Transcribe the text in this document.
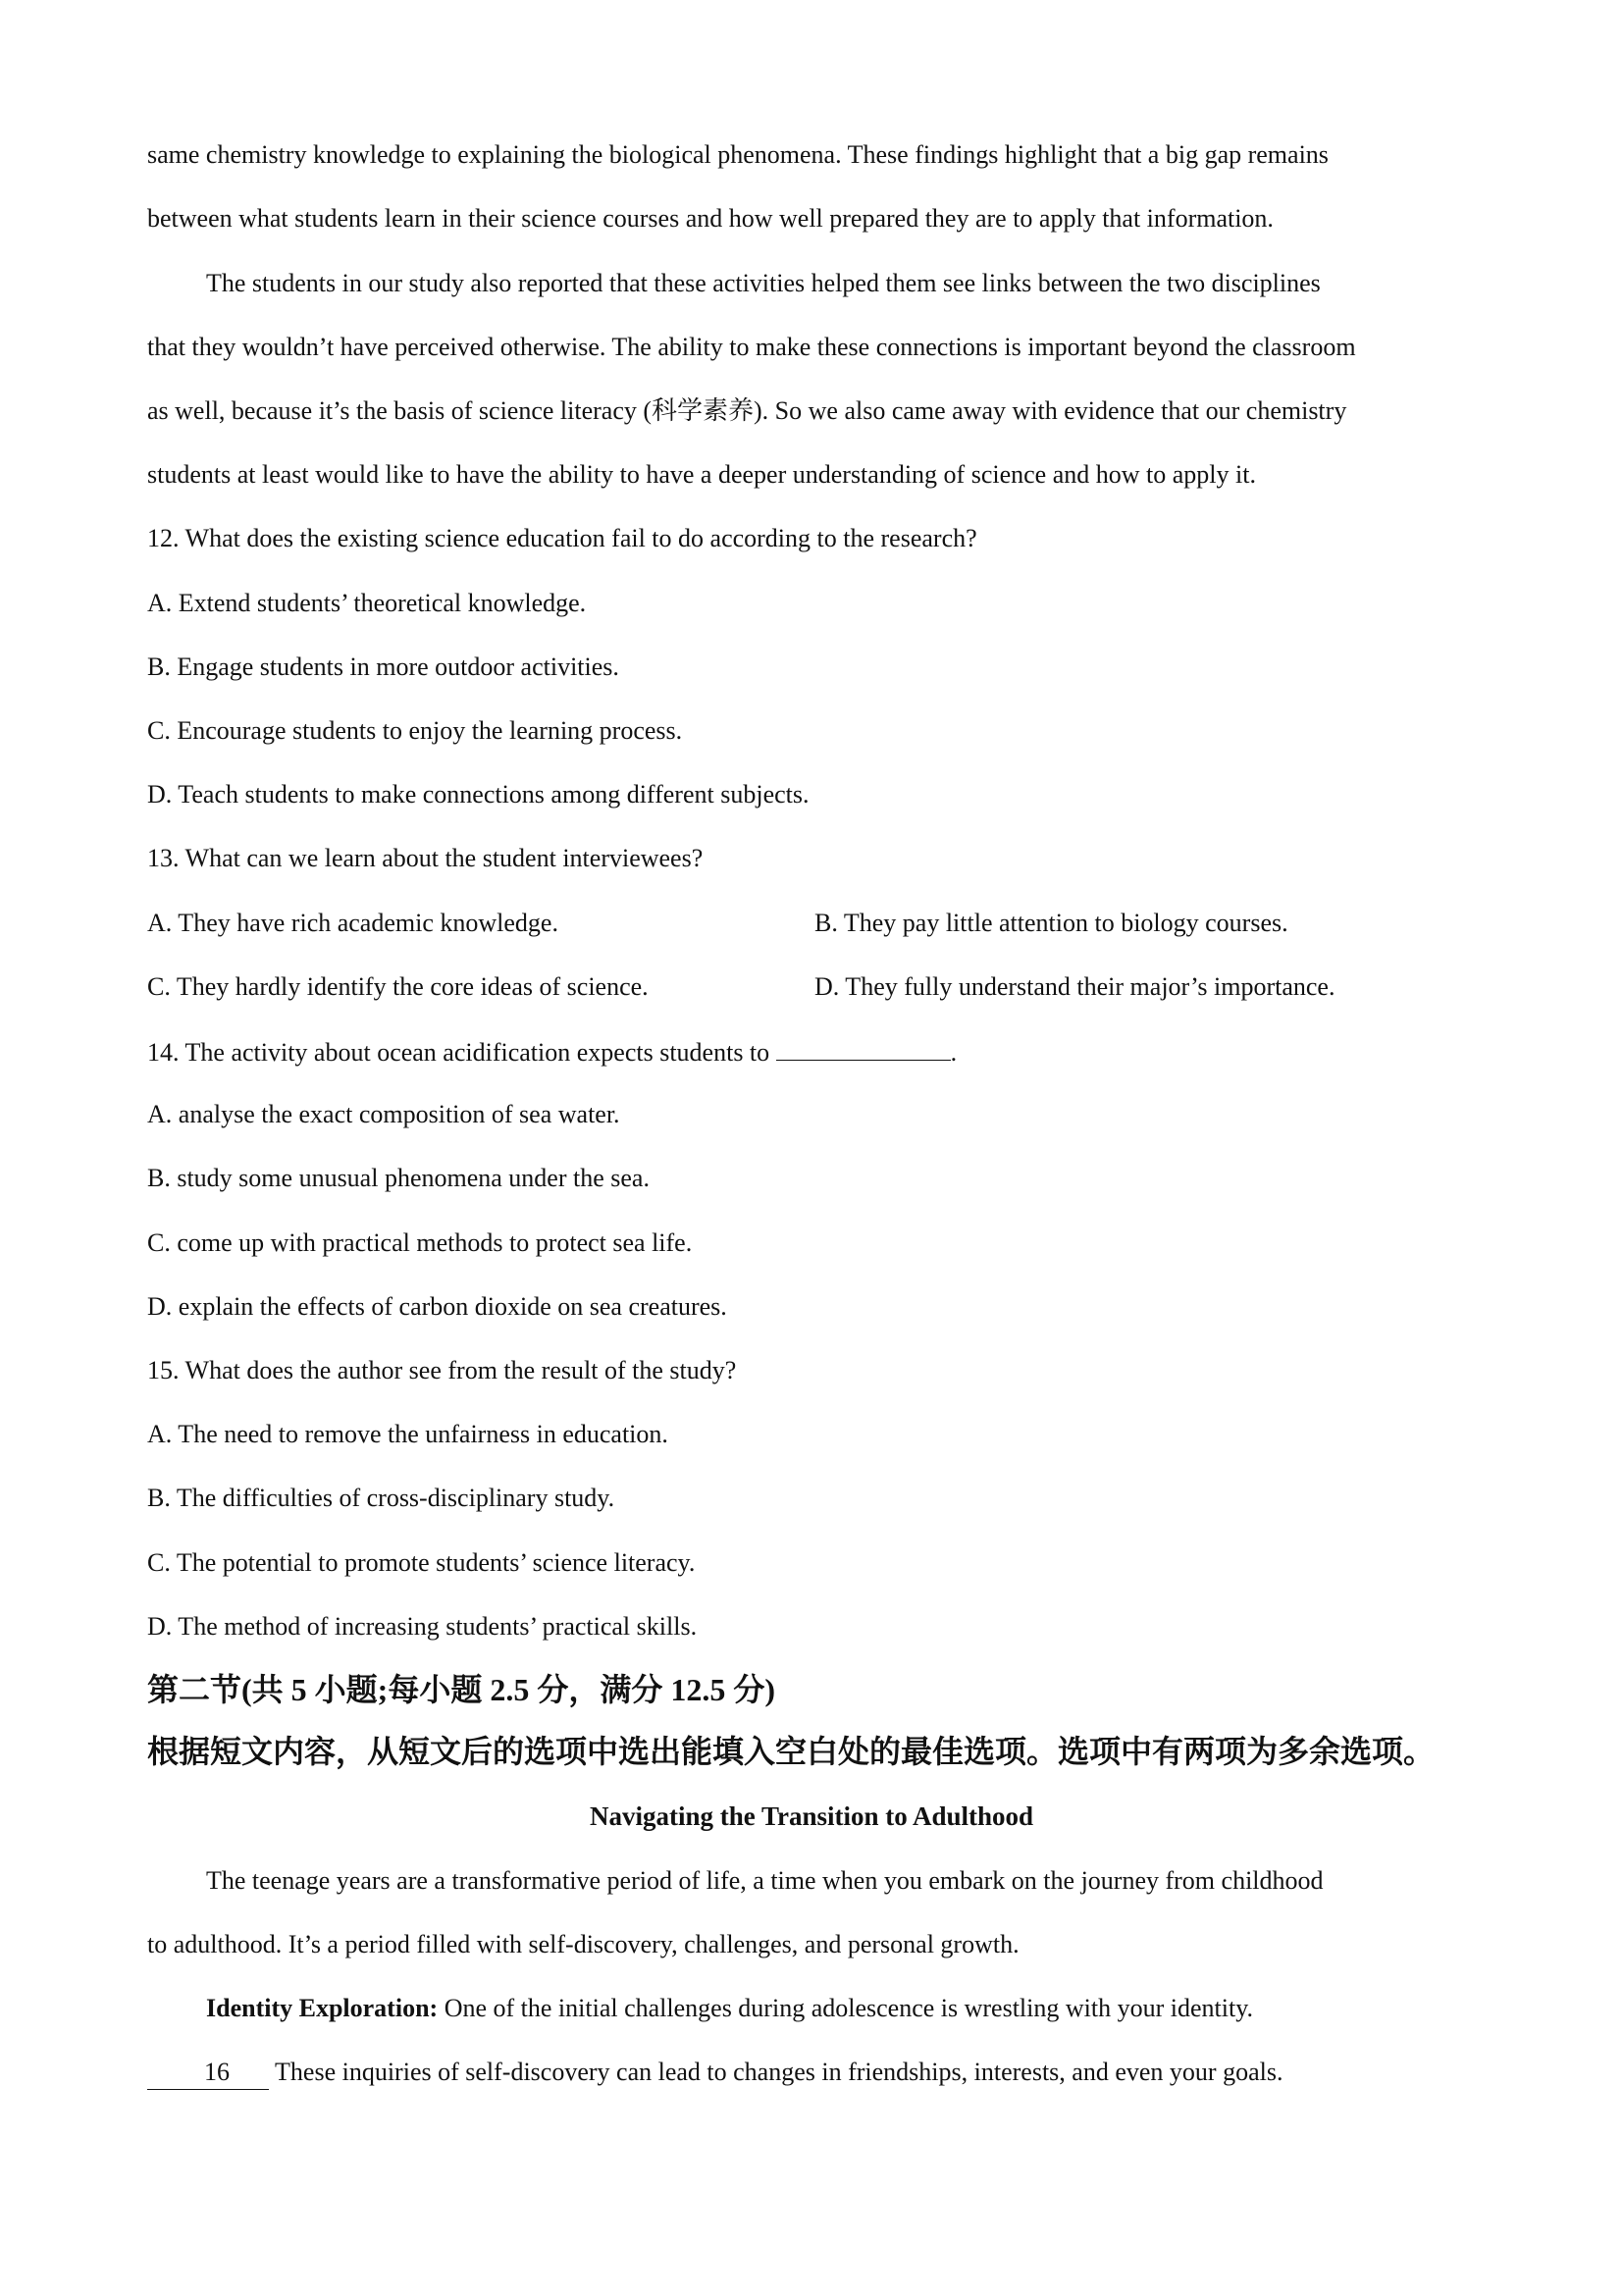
same chemistry knowledge to explaining the biological phenomena. These findings highlight that a big gap remains
between what students learn in their science courses and how well prepared they are to apply that information.
The students in our study also reported that these activities helped them see links between the two disciplines
that they wouldn’t have perceived otherwise. The ability to make these connections is important beyond the classroom
as well, because it’s the basis of science literacy (科学素养). So we also came away with evidence that our chemistry
students at least would like to have the ability to have a deeper understanding of science and how to apply it.
12. What does the existing science education fail to do according to the research?
A. Extend students’ theoretical knowledge.
B. Engage students in more outdoor activities.
C. Encourage students to enjoy the learning process.
D. Teach students to make connections among different subjects.
13. What can we learn about the student interviewees?
A. They have rich academic knowledge.	B. They pay little attention to biology courses.
C. They hardly identify the core ideas of science.	D. They fully understand their major’s importance.
14. The activity about ocean acidification expects students to	.
A. analyse the exact composition of sea water.
B. study some unusual phenomena under the sea.
C. come up with practical methods to protect sea life.
D. explain the effects of carbon dioxide on sea creatures.
15. What does the author see from the result of the study?
A. The need to remove the unfairness in education.
B. The difficulties of cross-disciplinary study.
C. The potential to promote students’ science literacy.
D. The method of increasing students’ practical skills.
第二节(共 5 小题;每小题 2.5 分，满分 12.5 分)
根据短文内容，从短文后的选项中选出能填入空白处的最佳选项。选项中有两项为多余选项。
Navigating the Transition to Adulthood
The teenage years are a transformative period of life, a time when you embark on the journey from childhood
to adulthood. It’s a period filled with self-discovery, challenges, and personal growth.
Identity Exploration: One of the initial challenges during adolescence is wrestling with your identity.
16 These inquiries of self-discovery can lead to changes in friendships, interests, and even your goals.
